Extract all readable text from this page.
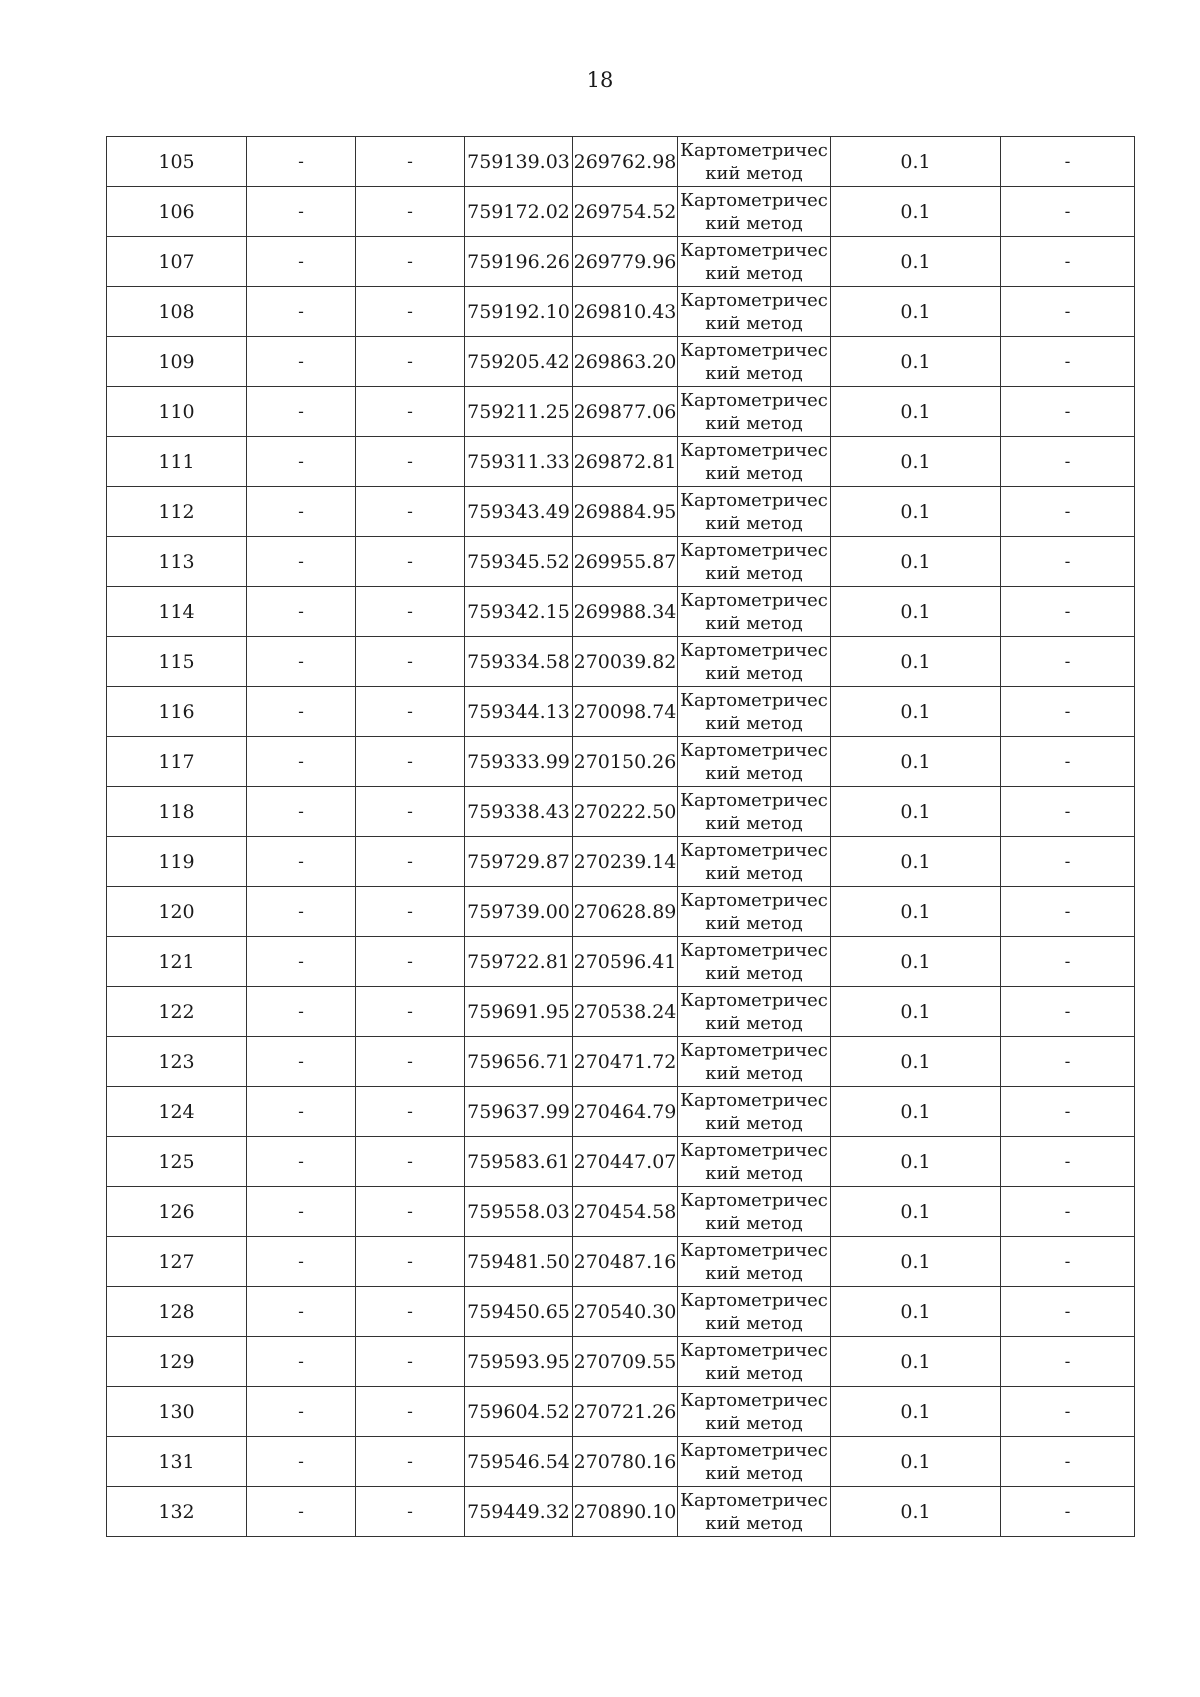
18
105	-	-	759139.03	269762.98	Картометричес
кий метод	0.1	-
106	-	-	759172.02	269754.52	Картометричес
кий метод	0.1	-
107	-	-	759196.26	269779.96	Картометричес
кий метод	0.1	-
108	-	-	759192.10	269810.43	Картометричес
кий метод	0.1	-
109	-	-	759205.42	269863.20	Картометричес
кий метод	0.1	-
110	-	-	759211.25	269877.06	Картометричес
кий метод	0.1	-
111	-	-	759311.33	269872.81	Картометричес
кий метод	0.1	-
112	-	-	759343.49	269884.95	Картометричес
кий метод	0.1	-
113	-	-	759345.52	269955.87	Картометричес
кий метод	0.1	-
114	-	-	759342.15	269988.34	Картометричес
кий метод	0.1	-
115	-	-	759334.58	270039.82	Картометричес
кий метод	0.1	-
116	-	-	759344.13	270098.74	Картометричес
кий метод	0.1	-
117	-	-	759333.99	270150.26	Картометричес
кий метод	0.1	-
118	-	-	759338.43	270222.50	Картометричес
кий метод	0.1	-
119	-	-	759729.87	270239.14	Картометричес
кий метод	0.1	-
120	-	-	759739.00	270628.89	Картометричес
кий метод	0.1	-
121	-	-	759722.81	270596.41	Картометричес
кий метод	0.1	-
122	-	-	759691.95	270538.24	Картометричес
кий метод	0.1	-
123	-	-	759656.71	270471.72	Картометричес
кий метод	0.1	-
124	-	-	759637.99	270464.79	Картометричес
кий метод	0.1	-
125	-	-	759583.61	270447.07	Картометричес
кий метод	0.1	-
126	-	-	759558.03	270454.58	Картометричес
кий метод	0.1	-
127	-	-	759481.50	270487.16	Картометричес
кий метод	0.1	-
128	-	-	759450.65	270540.30	Картометричес
кий метод	0.1	-
129	-	-	759593.95	270709.55	Картометричес
кий метод	0.1	-
130	-	-	759604.52	270721.26	Картометричес
кий метод	0.1	-
131	-	-	759546.54	270780.16	Картометричес
кий метод	0.1	-
132	-	-	759449.32	270890.10	Картометричес
кий метод	0.1	-
